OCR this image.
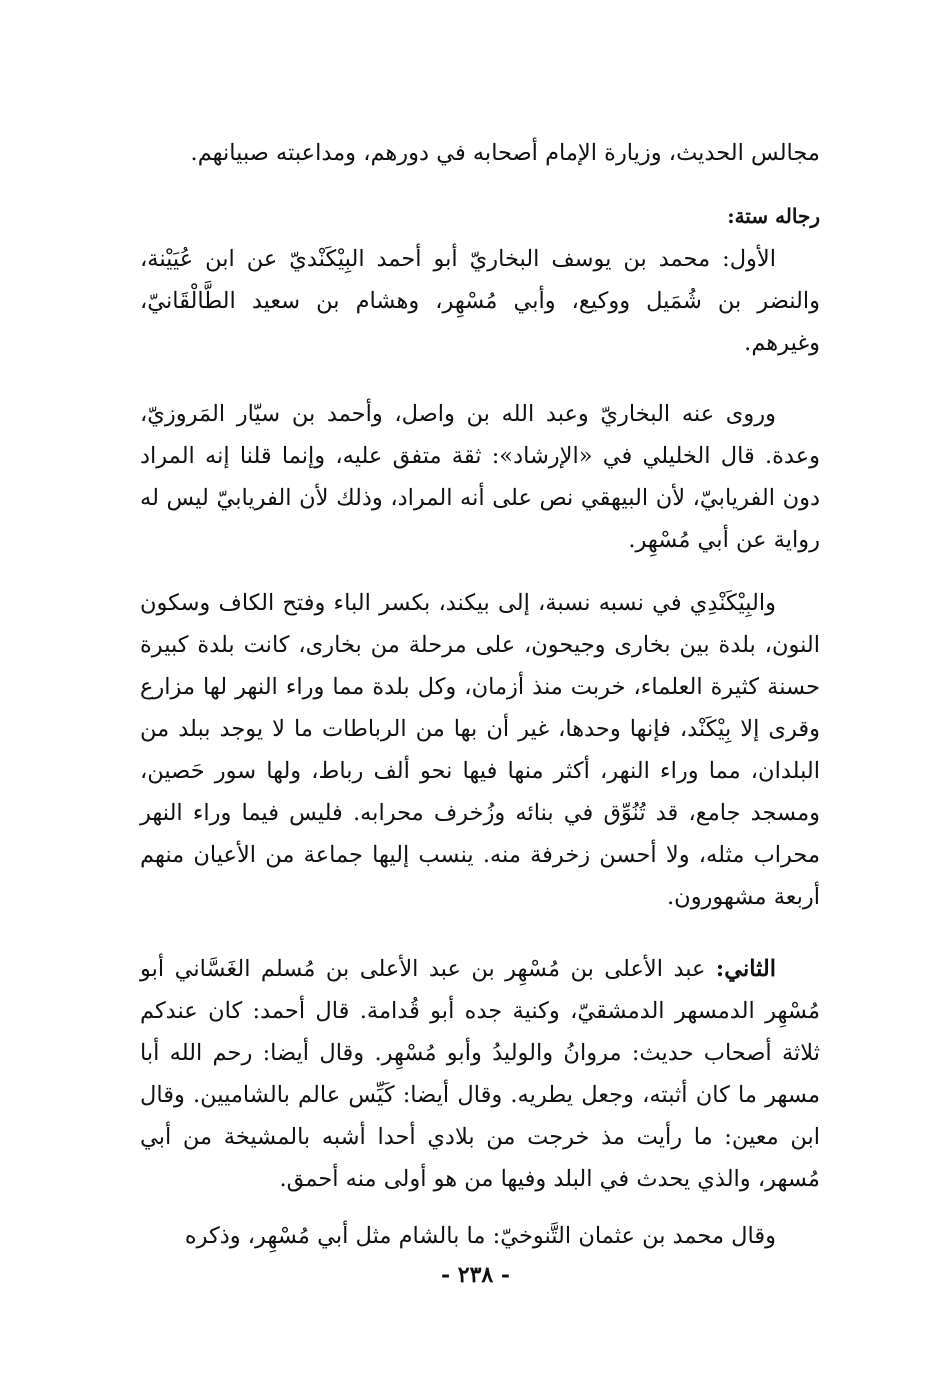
مجالس الحديث، وزيارة الإمام أصحابه في دورهم، ومداعبته صبيانهم.

رجاله ستة:

الأول: محمد بن يوسف البخاريّ أبو أحمد البِيْكَنْديّ عن ابن عُيَيْنة، والنضر بن شُمَيل ووكيع، وأبي مُسْهِر، وهشام بن سعيد الطَّالْقَانيّ، وغيرهم.

وروى عنه البخاريّ وعبد الله بن واصل، وأحمد بن سيّار المَروزيّ، وعدة. قال الخليلي في «الإرشاد»: ثقة متفق عليه، وإنما قلنا إنه المراد دون الفريابيّ، لأن البيهقي نص على أنه المراد، وذلك لأن الفريابيّ ليس له رواية عن أبي مُسْهِر.

والبِيْكَنْدِي في نسبه نسبة، إلى بيكند، بكسر الباء وفتح الكاف وسكون النون، بلدة بين بخارى وجيحون، على مرحلة من بخارى، كانت بلدة كبيرة حسنة كثيرة العلماء، خربت منذ أزمان، وكل بلدة مما وراء النهر لها مزارع وقرى إلا بِيْكَنْد، فإنها وحدها، غير أن بها من الرباطات ما لا يوجد ببلد من البلدان، مما وراء النهر، أكثر منها فيها نحو ألف رباط، ولها سور حَصين، ومسجد جامع، قد تُنُوِّق في بنائه وزُخرف محرابه. فليس فيما وراء النهر محراب مثله، ولا أحسن زخرفة منه. ينسب إليها جماعة من الأعيان منهم أربعة مشهورون.

الثاني: عبد الأعلى بن مُسْهِر بن عبد الأعلى بن مُسلم الغَسَّاني أبو مُسْهِر الدمسهر الدمشقيّ، وكنية جده أبو قُدامة. قال أحمد: كان عندكم ثلاثة أصحاب حديث: مروانُ والوليدُ وأبو مُسْهِر. وقال أيضا: رحم الله أبا مسهر ما كان أثبته، وجعل يطريه. وقال أيضا: كَيِّس عالم بالشاميين. وقال ابن معين: ما رأيت مذ خرجت من بلادي أحدا أشبه بالمشيخة من أبي مُسهر، والذي يحدث في البلد وفيها من هو أولى منه أحمق.

وقال محمد بن عثمان التَّنوخيّ: ما بالشام مثل أبي مُسْهِر، وذكره

- ٢٣٨ -
